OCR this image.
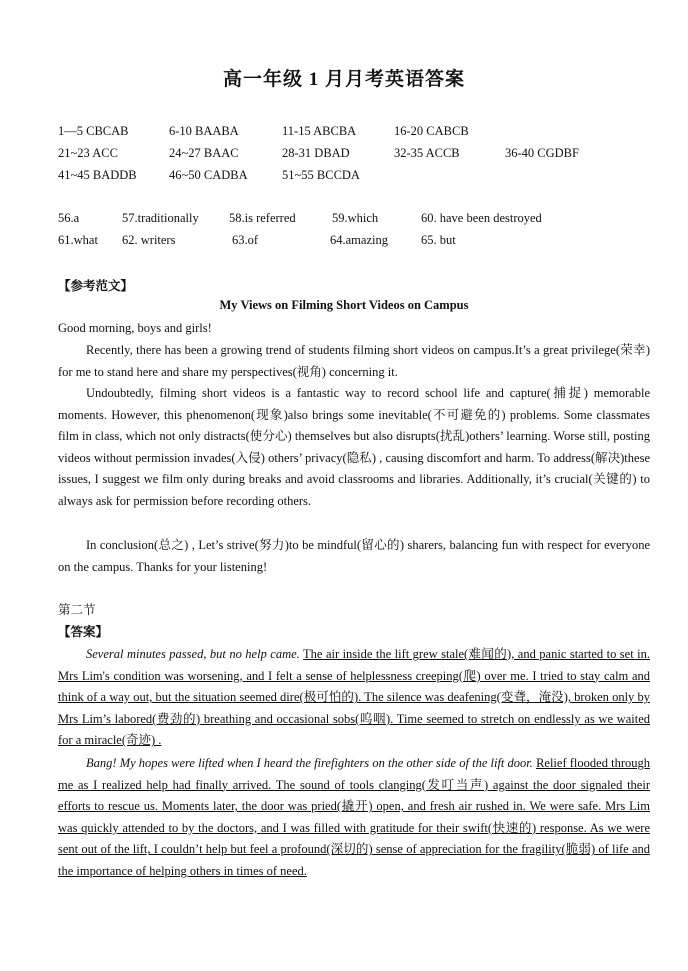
高一年级 1 月月考英语答案
1—5 CBCAB	6-10 BAABA	11-15 ABCBA	16-20 CABCB
21~23 ACC	24~27 BAAC	28-31 DBAD	32-35 ACCB	36-40 CGDBF
41~45 BADDB	46~50 CADBA	51~55 BCCDA
56.a	57.traditionally 58.is referred	59.which	60. have been destroyed
61.what 62. writers	63.of	64.amazing	65. but
【参考范文】
My Views on Filming Short Videos on Campus
Good morning, boys and girls!
Recently, there has been a growing trend of students filming short videos on campus.It’s a great privilege(荣幸) for me to stand here and share my perspectives(视角) concerning it.
Undoubtedly, filming short videos is a fantastic way to record school life and capture(捕捉) memorable moments. However, this phenomenon(现象)also brings some inevitable(不可避免的) problems. Some classmates film in class, which not only distracts(使分心) themselves but also disrupts(扰乱)others’ learning. Worse still, posting videos without permission invades(入侵) others’ privacy(隐私) , causing discomfort and harm. To address(解决)these issues, I suggest we film only during breaks and avoid classrooms and libraries. Additionally, it’s crucial(关键的) to always ask for permission before recording others.
In conclusion(总之) , Let’s strive(努力)to be mindful(留心的) sharers, balancing fun with respect for everyone on the campus. Thanks for your listening!
第二节
【答案】
Several minutes passed, but no help came. The air inside the lift grew stale(难闻的), and panic started to set in. Mrs Lim's condition was worsening, and I felt a sense of helplessness creeping(爬) over me. I tried to stay calm and think of a way out, but the situation seemed dire(极可怕的). The silence was deafening(变聋，淹没), broken only by Mrs Lim’s labored(费劲的) breathing and occasional sobs(呜咽). Time seemed to stretch on endlessly as we waited for a miracle(奇迹) .
Bang! My hopes were lifted when I heard the firefighters on the other side of the lift door. Relief flooded through me as I realized help had finally arrived. The sound of tools clanging(发叮当声) against the door signaled their efforts to rescue us. Moments later, the door was pried(撬开) open, and fresh air rushed in. We were safe. Mrs Lim was quickly attended to by the doctors, and I was filled with gratitude for their swift(快速的) response. As we were sent out of the lift, I couldn’t help but feel a profound(深切的) sense of appreciation for the fragility(脆弱) of life and the importance of helping others in times of need.
